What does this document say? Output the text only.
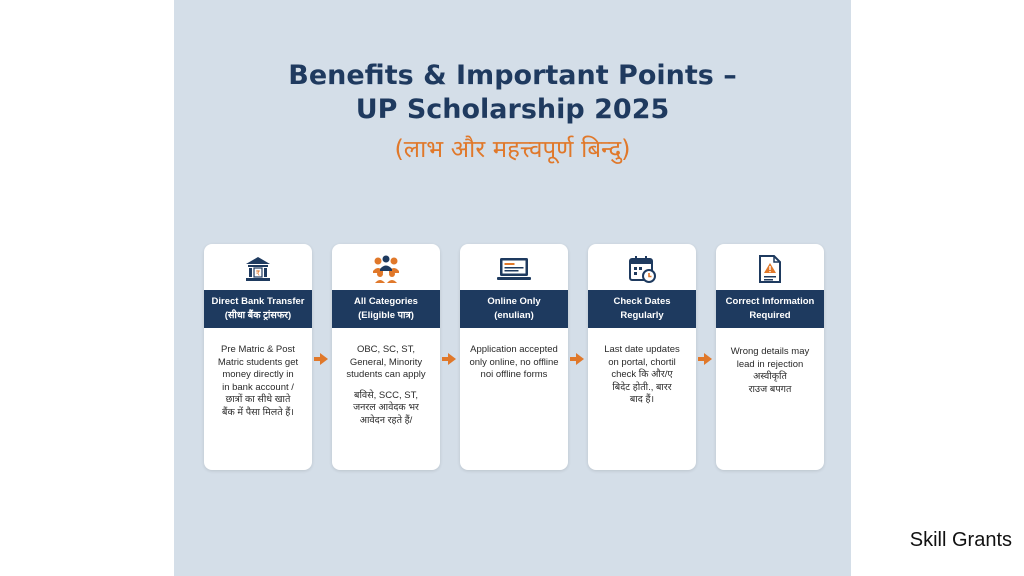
Benefits & Important Points –
UP Scholarship 2025
(लाभ और महत्त्वपूर्ण बिन्दु)
₹
Direct Bank Transfer
(सीधा बैंक ट्रांसफर)
Pre Matric & Post
Matric students get
money directly in
in bank account /
छात्रों का सीधे खाते
बैंक में पैसा मिलते हैं।
All Categories
(Eligible पात्र)
OBC, SC, ST,
General, Minority
students can apply
बविसे, SCC, ST,
जनरल आवेदक भर
आवेदन रहते हैं/
Online Only
(enulian)
Application accepted
only online, no offline
noi offline forms
Check Dates
Regularly
Last date updates
on portal, chortil
check कि और/ए
बिदेट होती., बारर
बाद हैं।
Correct Information
Required
Wrong details may
lead in rejection
अस्वीकृति
राउज बपगत
Skill Grants
